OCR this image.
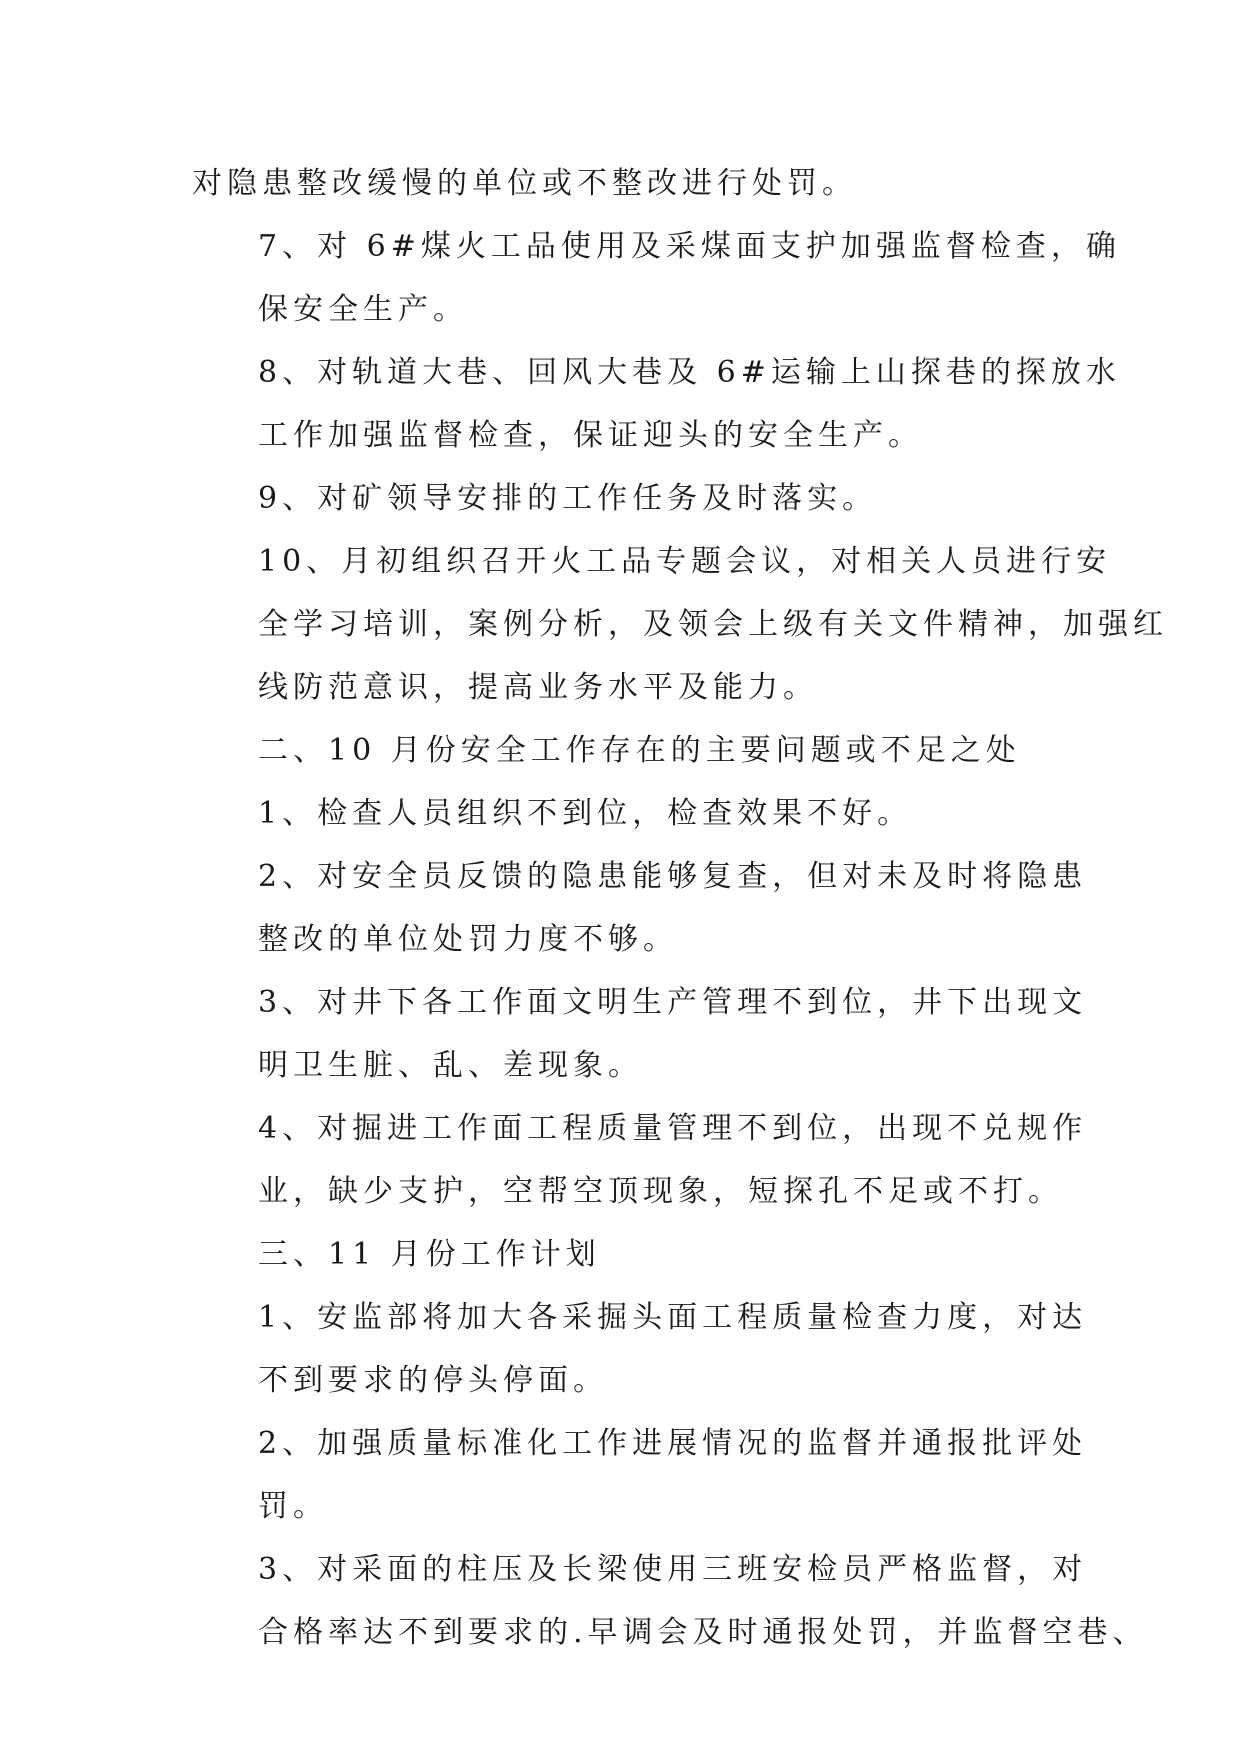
对隐患整改缓慢的单位或不整改进行处罚。
7、对 6#煤火工品使用及采煤面支护加强监督检查，确
保安全生产。
8、对轨道大巷、回风大巷及 6#运输上山探巷的探放水
工作加强监督检查，保证迎头的安全生产。
9、对矿领导安排的工作任务及时落实。
10、月初组织召开火工品专题会议，对相关人员进行安
全学习培训，案例分析，及领会上级有关文件精神，加强红
线防范意识，提高业务水平及能力。
二、10 月份安全工作存在的主要问题或不足之处
1、检查人员组织不到位，检查效果不好。
2、对安全员反馈的隐患能够复查，但对未及时将隐患
整改的单位处罚力度不够。
3、对井下各工作面文明生产管理不到位，井下出现文
明卫生脏、乱、差现象。
4、对掘进工作面工程质量管理不到位，出现不兑规作
业，缺少支护，空帮空顶现象，短探孔不足或不打。
三、11 月份工作计划
1、安监部将加大各采掘头面工程质量检查力度，对达
不到要求的停头停面。
2、加强质量标准化工作进展情况的监督并通报批评处
罚。
3、对采面的柱压及长梁使用三班安检员严格监督，对
合格率达不到要求的.早调会及时通报处罚，并监督空巷、
